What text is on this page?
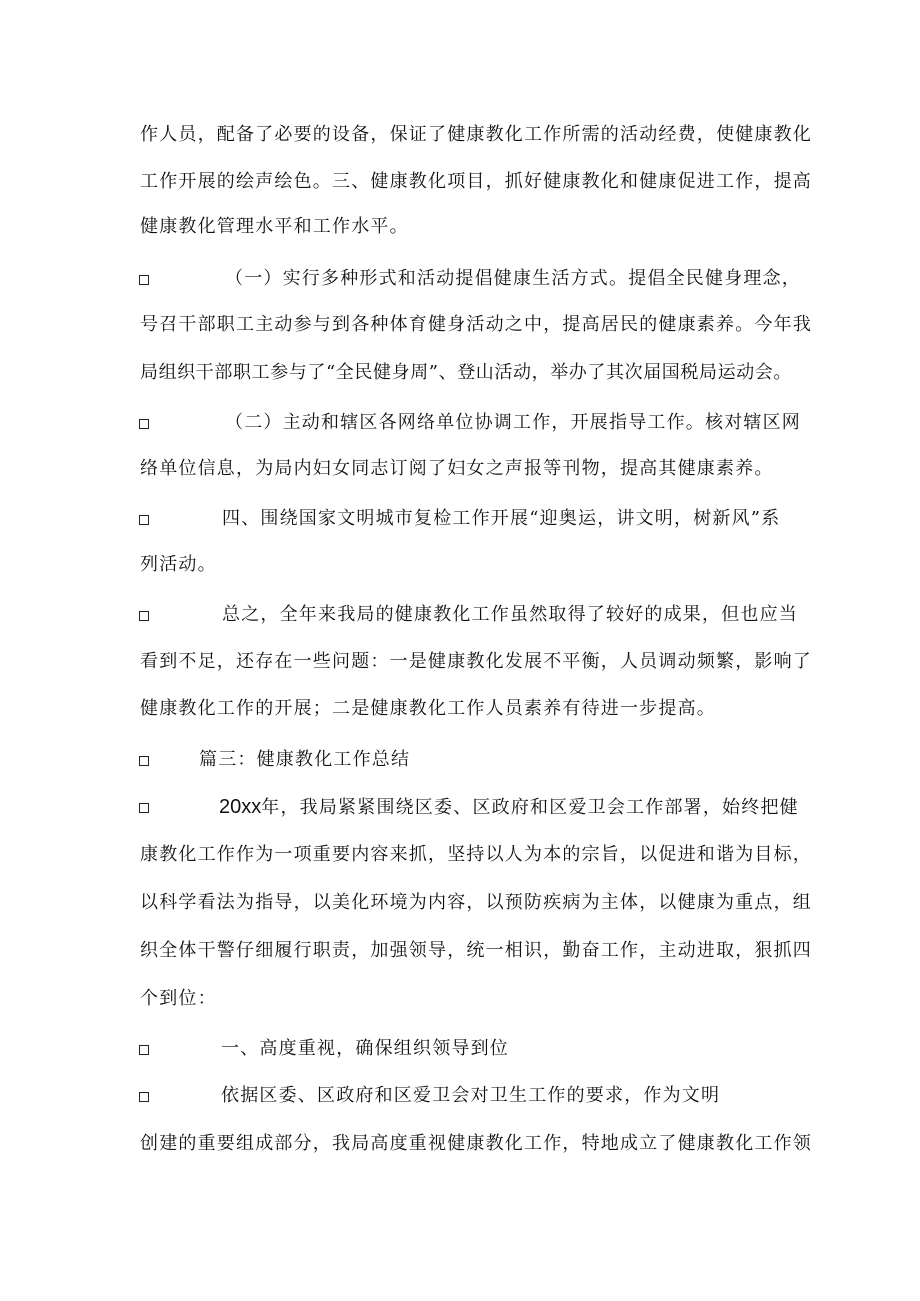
作人员，配备了必要的设备，保证了健康教化工作所需的活动经费，使健康教化
工作开展的绘声绘色。三、健康教化项目，抓好健康教化和健康促进工作，提高
健康教化管理水平和工作水平。
（一）实行多种形式和活动提倡健康生活方式。提倡全民健身理念，
号召干部职工主动参与到各种体育健身活动之中，提高居民的健康素养。今年我
局组织干部职工参与了“全民健身周”、登山活动，举办了其次届国税局运动会。
（二）主动和辖区各网络单位协调工作，开展指导工作。核对辖区网
络单位信息，为局内妇女同志订阅了妇女之声报等刊物，提高其健康素养。
四、围绕国家文明城市复检工作开展“迎奥运，讲文明，树新风”系
列活动。
总之，全年来我局的健康教化工作虽然取得了较好的成果，但也应当
看到不足，还存在一些问题：一是健康教化发展不平衡，人员调动频繁，影响了
健康教化工作的开展；二是健康教化工作人员素养有待进一步提高。
篇三：健康教化工作总结
20xx年，我局紧紧围绕区委、区政府和区爱卫会工作部署，始终把健
康教化工作作为一项重要内容来抓，坚持以人为本的宗旨，以促进和谐为目标，
以科学看法为指导，以美化环境为内容，以预防疾病为主体，以健康为重点，组
织全体干警仔细履行职责，加强领导，统一相识，勤奋工作，主动进取，狠抓四
个到位：
一、高度重视，确保组织领导到位
依据区委、区政府和区爱卫会对卫生工作的要求，作为文明
创建的重要组成部分，我局高度重视健康教化工作，特地成立了健康教化工作领
